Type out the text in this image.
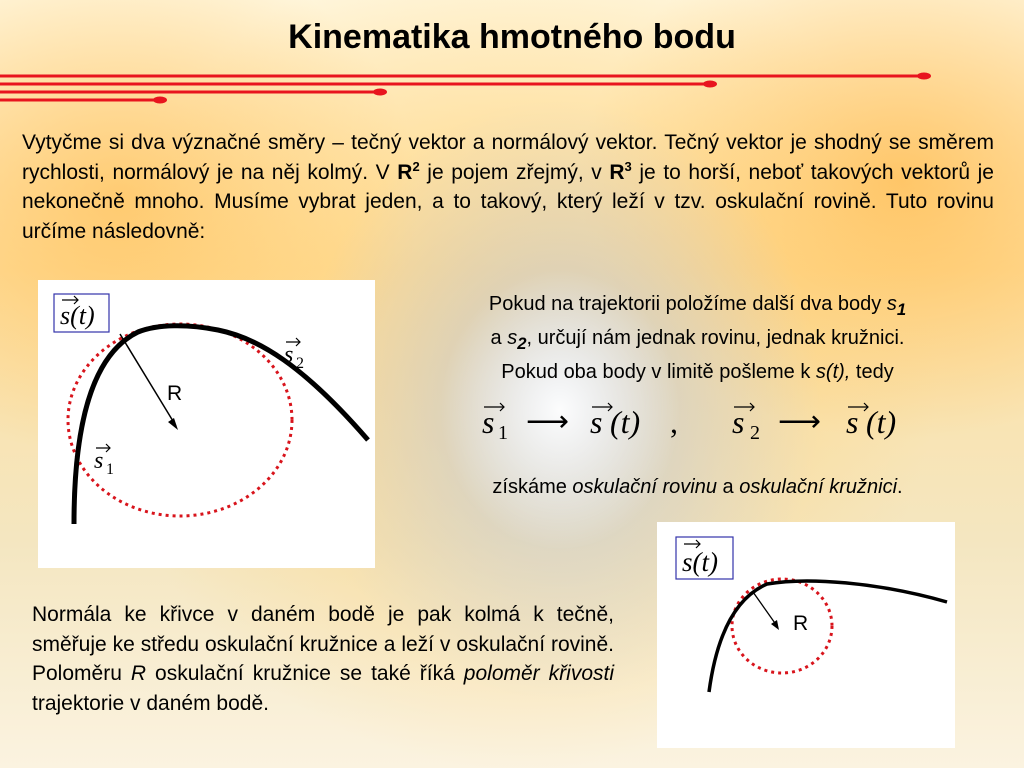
Kinematika hmotného bodu
Vytyčme si dva význačné směry – tečný vektor a normálový vektor. Tečný vektor je shodný se směrem rychlosti, normálový je na něj kolmý. V $R^2$ je pojem zřejmý, v $R^3$ je to horší, neboť takových vektorů je nekonečně mnoho. Musíme vybrat jeden, a to takový, který leží v tzv. oskulační rovině. Tuto rovinu určíme následovně:
s(t)
R
s 2
s 1
Pokud na trajektorii položíme další dva body $s_1$
a $s_2$, určují nám jednak rovinu, jednak kružnici.
Pokud oba body v limitě pošleme k s(t), tedy
s 1 ⟶ s (t) , s 2 ⟶ s (t)
získáme oskulační rovinu a oskulační kružnici.
s(t)
R
Normála ke křivce v daném bodě je pak kolmá k tečně, směřuje ke středu oskulační kružnice a leží v oskulační rovině. Poloměru R oskulační kružnice se také říká poloměr křivosti trajektorie v daném bodě.
